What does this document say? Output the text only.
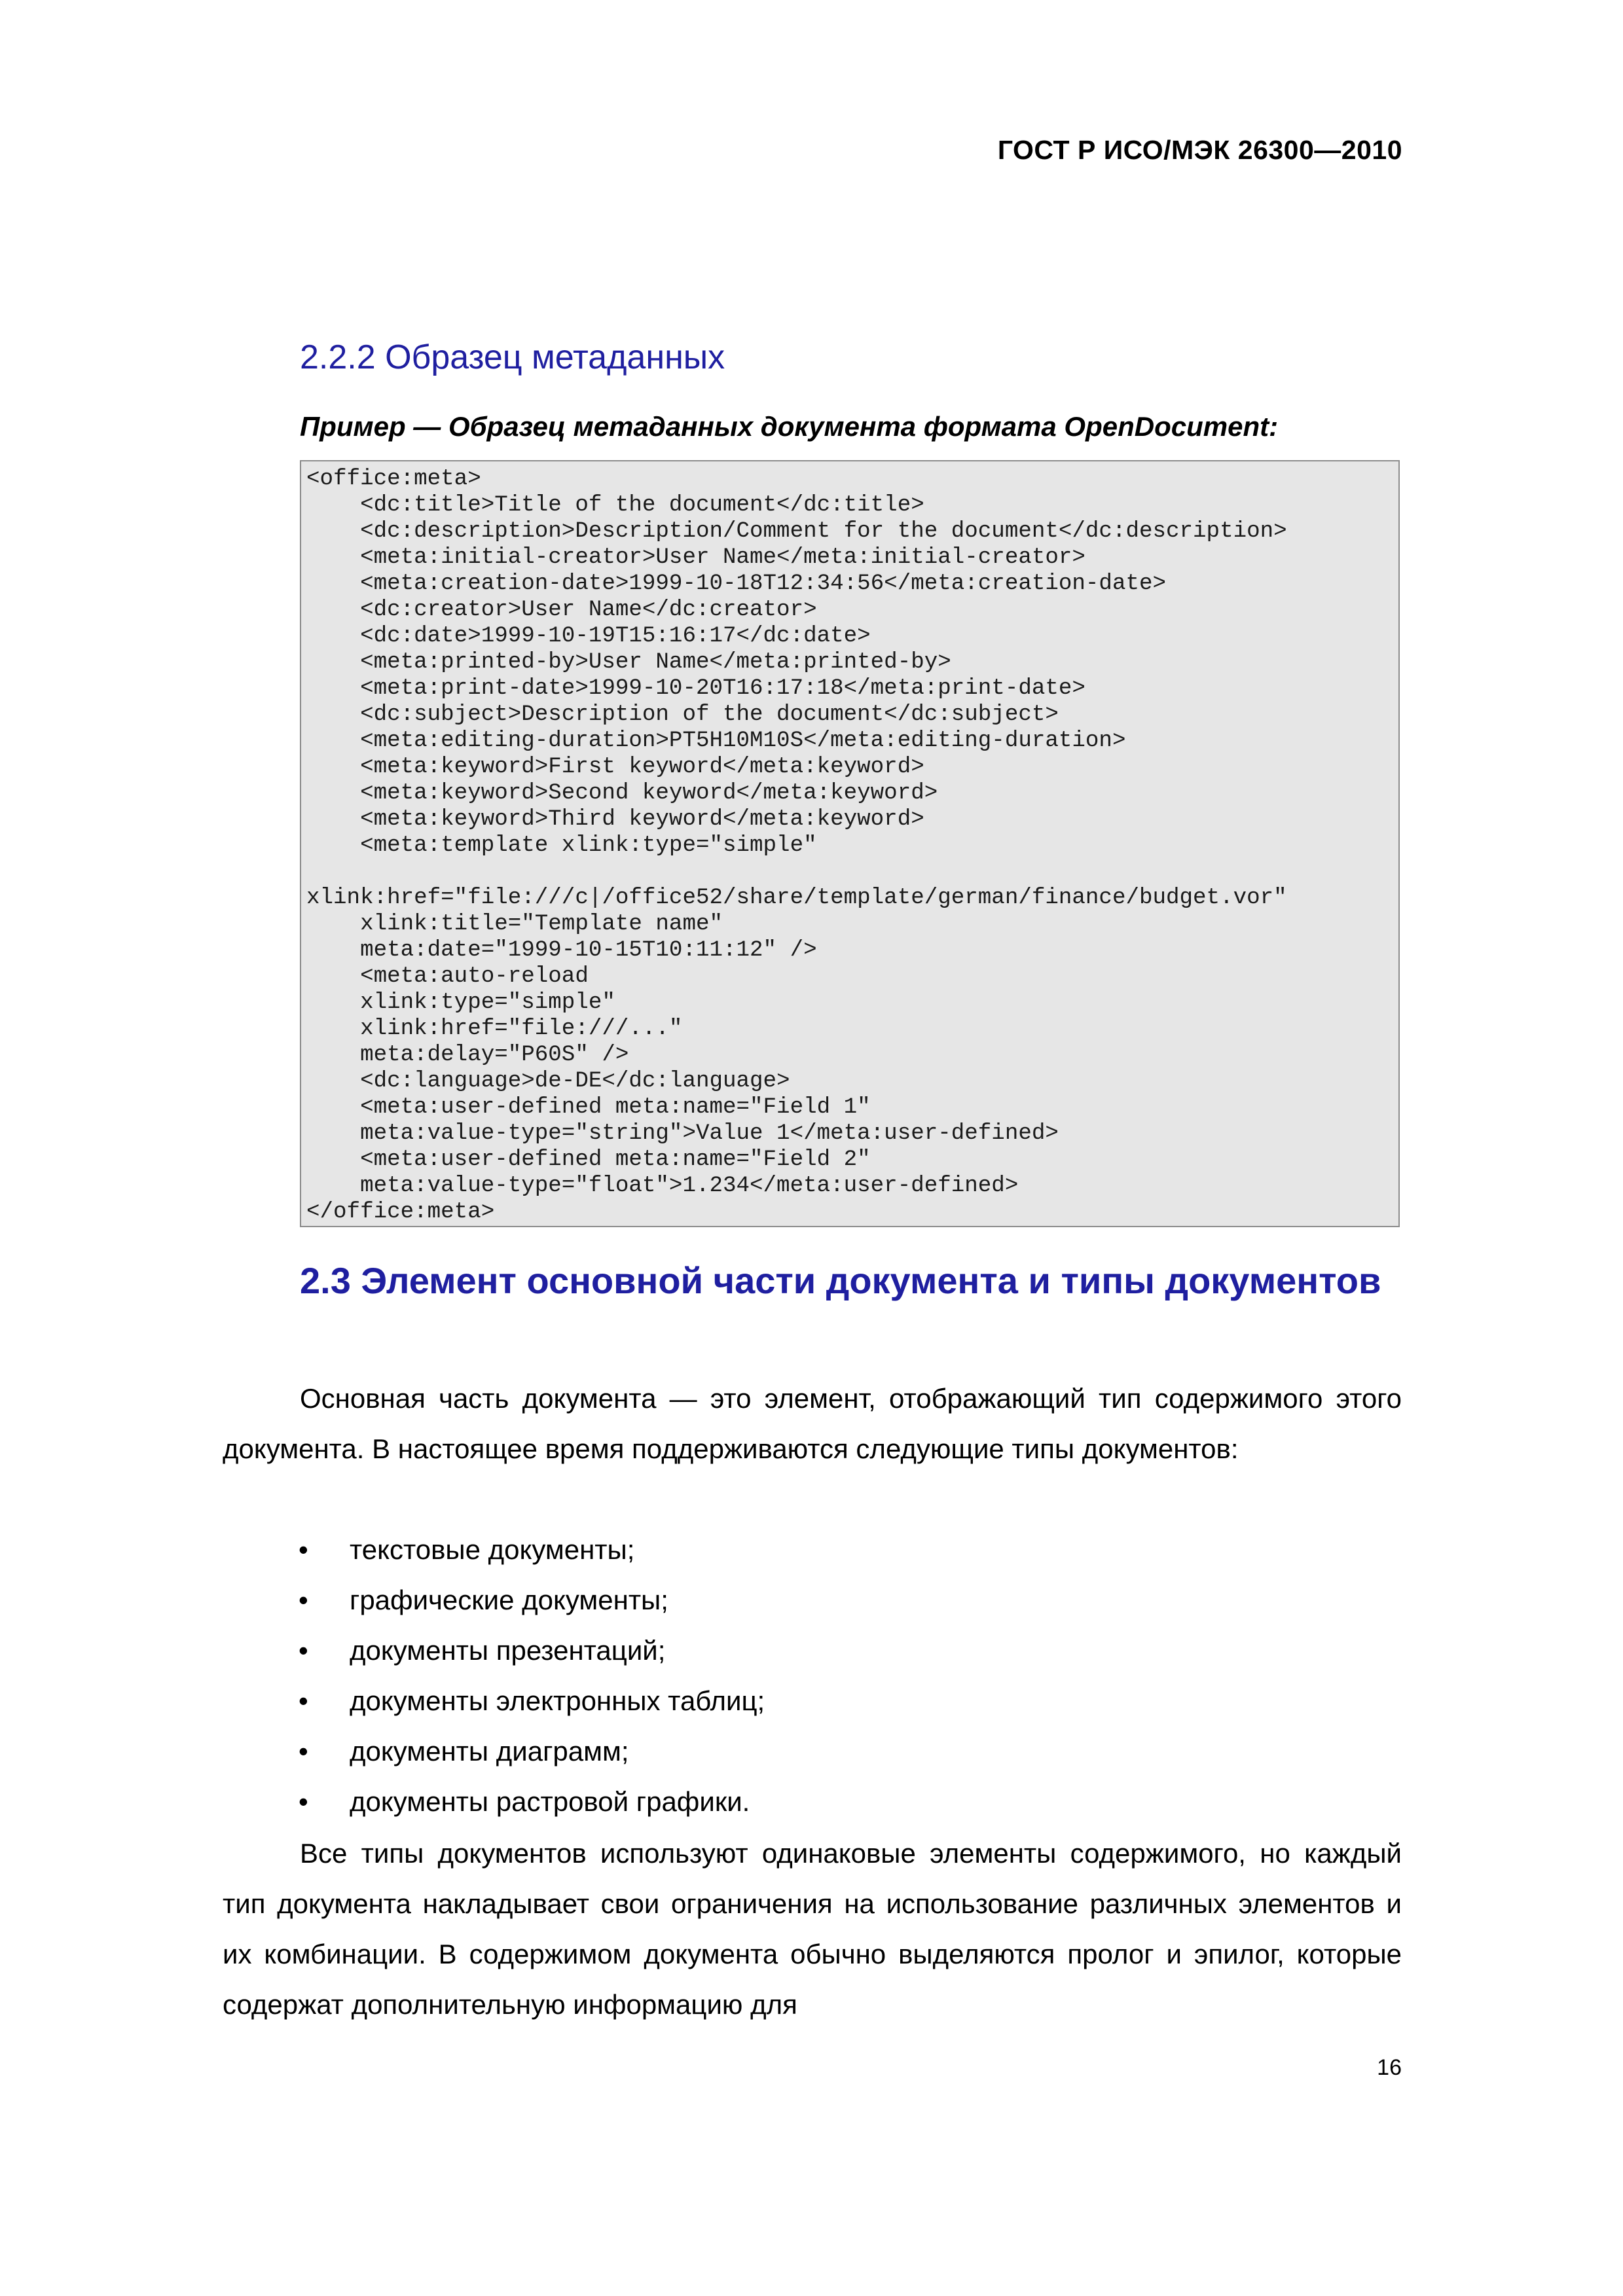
ГОСТ Р ИСО/МЭК 26300—2010
2.2.2 Образец метаданных

Пример — Образец метаданных документа формата OpenDocument:

<office:meta>
<dc:title>Title of the document</dc:title>
<dc:description>Description/Comment for the document</dc:description>
<meta:initial-creator>User Name</meta:initial-creator>
<meta:creation-date>1999-10-18T12:34:56</meta:creation-date>
<dc:creator>User Name</dc:creator>
<dc:date>1999-10-19T15:16:17</dc:date>
<meta:printed-by>User Name</meta:printed-by>
<meta:print-date>1999-10-20T16:17:18</meta:print-date>
<dc:subject>Description of the document</dc:subject>
<meta:editing-duration>PT5H10M10S</meta:editing-duration>
<meta:keyword>First keyword</meta:keyword>
<meta:keyword>Second keyword</meta:keyword>
<meta:keyword>Third keyword</meta:keyword>
<meta:template xlink:type="simple"
xlink:href="file:///c|/office52/share/template/german/finance/budget.vor"
xlink:title="Template name"
meta:date="1999-10-15T10:11:12" />
<meta:auto-reload
xlink:type="simple"
xlink:href="file:///..."
meta:delay="P60S" />
<dc:language>de-DE</dc:language>
<meta:user-defined meta:name="Field 1"
meta:value-type="string">Value 1</meta:user-defined>
<meta:user-defined meta:name="Field 2"
meta:value-type="float">1.234</meta:user-defined>
</office:meta>
2.3 Элемент основной части документа и типы документов

Основная часть документа — это элемент, отображающий тип содержимого этого документа. В настоящее время поддерживаются следующие типы документов:

• текстовые документы;
• графические документы;
• документы презентаций;
• документы электронных таблиц;
• документы диаграмм;
• документы растровой графики.

Все типы документов используют одинаковые элементы содержимого, но каждый тип документа накладывает свои ограничения на использование различных элементов и их комбинации. В содержимом документа обычно выделяются пролог и эпилог, которые содержат дополнительную информацию для

16
